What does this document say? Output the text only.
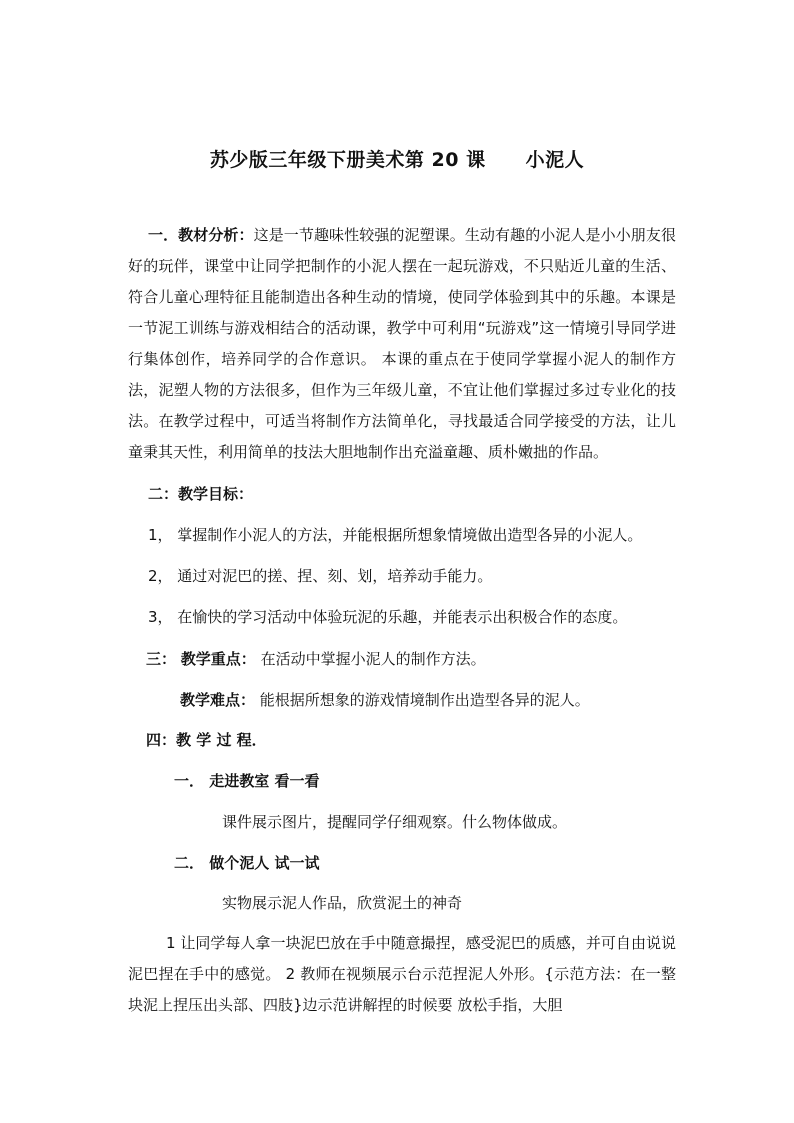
苏少版三年级下册美术第 20 课 小泥人
一．教材分析：这是一节趣味性较强的泥塑课。生动有趣的小泥人是小小朋友很好的玩伴，课堂中让同学把制作的小泥人摆在一起玩游戏，不只贴近儿童的生活、符合儿童心理特征且能制造出各种生动的情境，使同学体验到其中的乐趣。本课是一节泥工训练与游戏相结合的活动课，教学中可利用“玩游戏”这一情境引导同学进行集体创作，培养同学的合作意识。 本课的重点在于使同学掌握小泥人的制作方法，泥塑人物的方法很多，但作为三年级儿童，不宜让他们掌握过多过专业化的技法。在教学过程中，可适当将制作方法简单化，寻找最适合同学接受的方法，让儿童秉其天性，利用简单的技法大胆地制作出充溢童趣、质朴嫩拙的作品。
二：教学目标：
1， 掌握制作小泥人的方法，并能根据所想象情境做出造型各异的小泥人。
2， 通过对泥巴的搓、捏、刻、划，培养动手能力。
3， 在愉快的学习活动中体验玩泥的乐趣，并能表示出积极合作的态度。
三： 教学重点： 在活动中掌握小泥人的制作方法。
教学难点： 能根据所想象的游戏情境制作出造型各异的泥人。
四：教 学 过 程．
一． 走进教室 看一看
课件展示图片，提醒同学仔细观察。什么物体做成。
二． 做个泥人 试一试
实物展示泥人作品，欣赏泥土的神奇
1 让同学每人拿一块泥巴放在手中随意撮捏，感受泥巴的质感，并可自由说说泥巴捏在手中的感觉。 2 教师在视频展示台示范捏泥人外形。{示范方法：在一整块泥上捏压出头部、四肢}边示范讲解捏的时候要 放松手指，大胆
